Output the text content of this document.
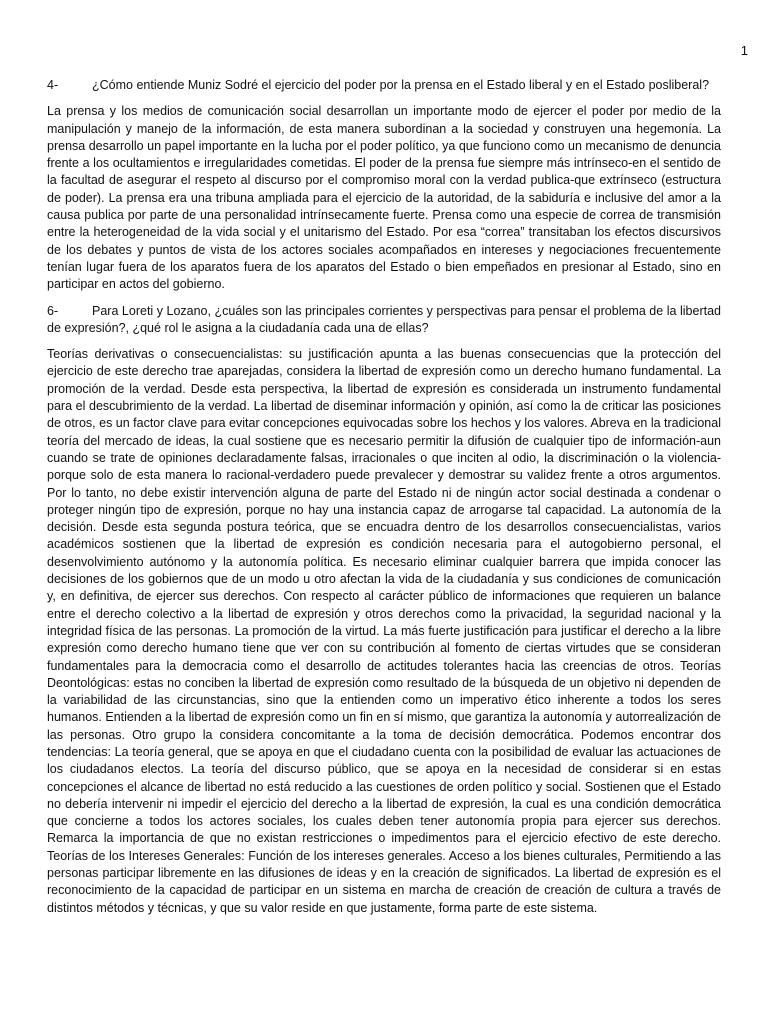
1
4-	¿Cómo entiende Muniz Sodré el ejercicio del poder por la prensa en el Estado liberal y en el Estado posliberal?

La prensa y los medios de comunicación social desarrollan un importante modo de ejercer el poder por medio de la manipulación y manejo de la información, de esta manera subordinan a la sociedad y construyen una hegemonía. La prensa desarrollo un papel importante en la lucha por el poder político, ya que funciono como un mecanismo de denuncia frente a los ocultamientos e irregularidades cometidas. El poder de la prensa fue siempre más intrínseco-en el sentido de la facultad de asegurar el respeto al discurso por el compromiso moral con la verdad publica-que extrínseco (estructura de poder). La prensa era una tribuna ampliada para el ejercicio de la autoridad, de la sabiduría e inclusive del amor a la causa publica por parte de una personalidad intrínsecamente fuerte. Prensa como una especie de correa de transmisión entre la heterogeneidad de la vida social y el unitarismo del Estado. Por esa “correa” transitaban los efectos discursivos de los debates y puntos de vista de los actores sociales acompañados en intereses y negociaciones frecuentemente tenían lugar fuera de los aparatos fuera de los aparatos del Estado o bien empeñados en presionar al Estado, sino en participar en actos del gobierno.

6-	Para Loreti y Lozano, ¿cuáles son las principales corrientes y perspectivas para pensar el problema de la libertad de expresión?, ¿qué rol le asigna a la ciudadanía cada una de ellas?

Teorías derivativas o consecuencialistas: su justificación apunta a las buenas consecuencias que la protección del ejercicio de este derecho trae aparejadas, considera la libertad de expresión como un derecho humano fundamental. La promoción de la verdad. Desde esta perspectiva, la libertad de expresión es considerada un instrumento fundamental para el descubrimiento de la verdad. La libertad de diseminar información y opinión, así como la de criticar las posiciones de otros, es un factor clave para evitar concepciones equivocadas sobre los hechos y los valores. Abreva en la tradicional teoría del mercado de ideas, la cual sostiene que es necesario permitir la difusión de cualquier tipo de información-aun cuando se trate de opiniones declaradamente falsas, irracionales o que inciten al odio, la discriminación o la violencia-porque solo de esta manera lo racional-verdadero puede prevalecer y demostrar su validez frente a otros argumentos. Por lo tanto, no debe existir intervención alguna de parte del Estado ni de ningún actor social destinada a condenar o proteger ningún tipo de expresión, porque no hay una instancia capaz de arrogarse tal capacidad. La autonomía de la decisión. Desde esta segunda postura teórica, que se encuadra dentro de los desarrollos consecuencialistas, varios académicos sostienen que la libertad de expresión es condición necesaria para el autogobierno personal, el desenvolvimiento autónomo y la autonomía política. Es necesario eliminar cualquier barrera que impida conocer las decisiones de los gobiernos que de un modo u otro afectan la vida de la ciudadanía y sus condiciones de comunicación y, en definitiva, de ejercer sus derechos. Con respecto al carácter público de informaciones que requieren un balance entre el derecho colectivo a la libertad de expresión y otros derechos como la privacidad, la seguridad nacional y la integridad física de las personas. La promoción de la virtud. La más fuerte justificación para justificar el derecho a la libre expresión como derecho humano tiene que ver con su contribución al fomento de ciertas virtudes que se consideran fundamentales para la democracia como el desarrollo de actitudes tolerantes hacia las creencias de otros. Teorías Deontológicas: estas no conciben la libertad de expresión como resultado de la búsqueda de un objetivo ni dependen de la variabilidad de las circunstancias, sino que la entienden como un imperativo ético inherente a todos los seres humanos. Entienden a la libertad de expresión como un fin en sí mismo, que garantiza la autonomía y autorrealización de las personas. Otro grupo la considera concomitante a la toma de decisión democrática. Podemos encontrar dos tendencias: La teoría general, que se apoya en que el ciudadano cuenta con la posibilidad de evaluar las actuaciones de los ciudadanos electos. La teoría del discurso público, que se apoya en la necesidad de considerar si en estas concepciones el alcance de libertad no está reducido a las cuestiones de orden político y social. Sostienen que el Estado no debería intervenir ni impedir el ejercicio del derecho a la libertad de expresión, la cual es una condición democrática que concierne a todos los actores sociales, los cuales deben tener autonomía propia para ejercer sus derechos. Remarca la importancia de que no existan restricciones o impedimentos para el ejercicio efectivo de este derecho. Teorías de los Intereses Generales: Función de los intereses generales. Acceso a los bienes culturales, Permitiendo a las personas participar libremente en las difusiones de ideas y en la creación de significados. La libertad de expresión es el reconocimiento de la capacidad de participar en un sistema en marcha de creación de creación de cultura a través de distintos métodos y técnicas, y que su valor reside en que justamente, forma parte de este sistema.
